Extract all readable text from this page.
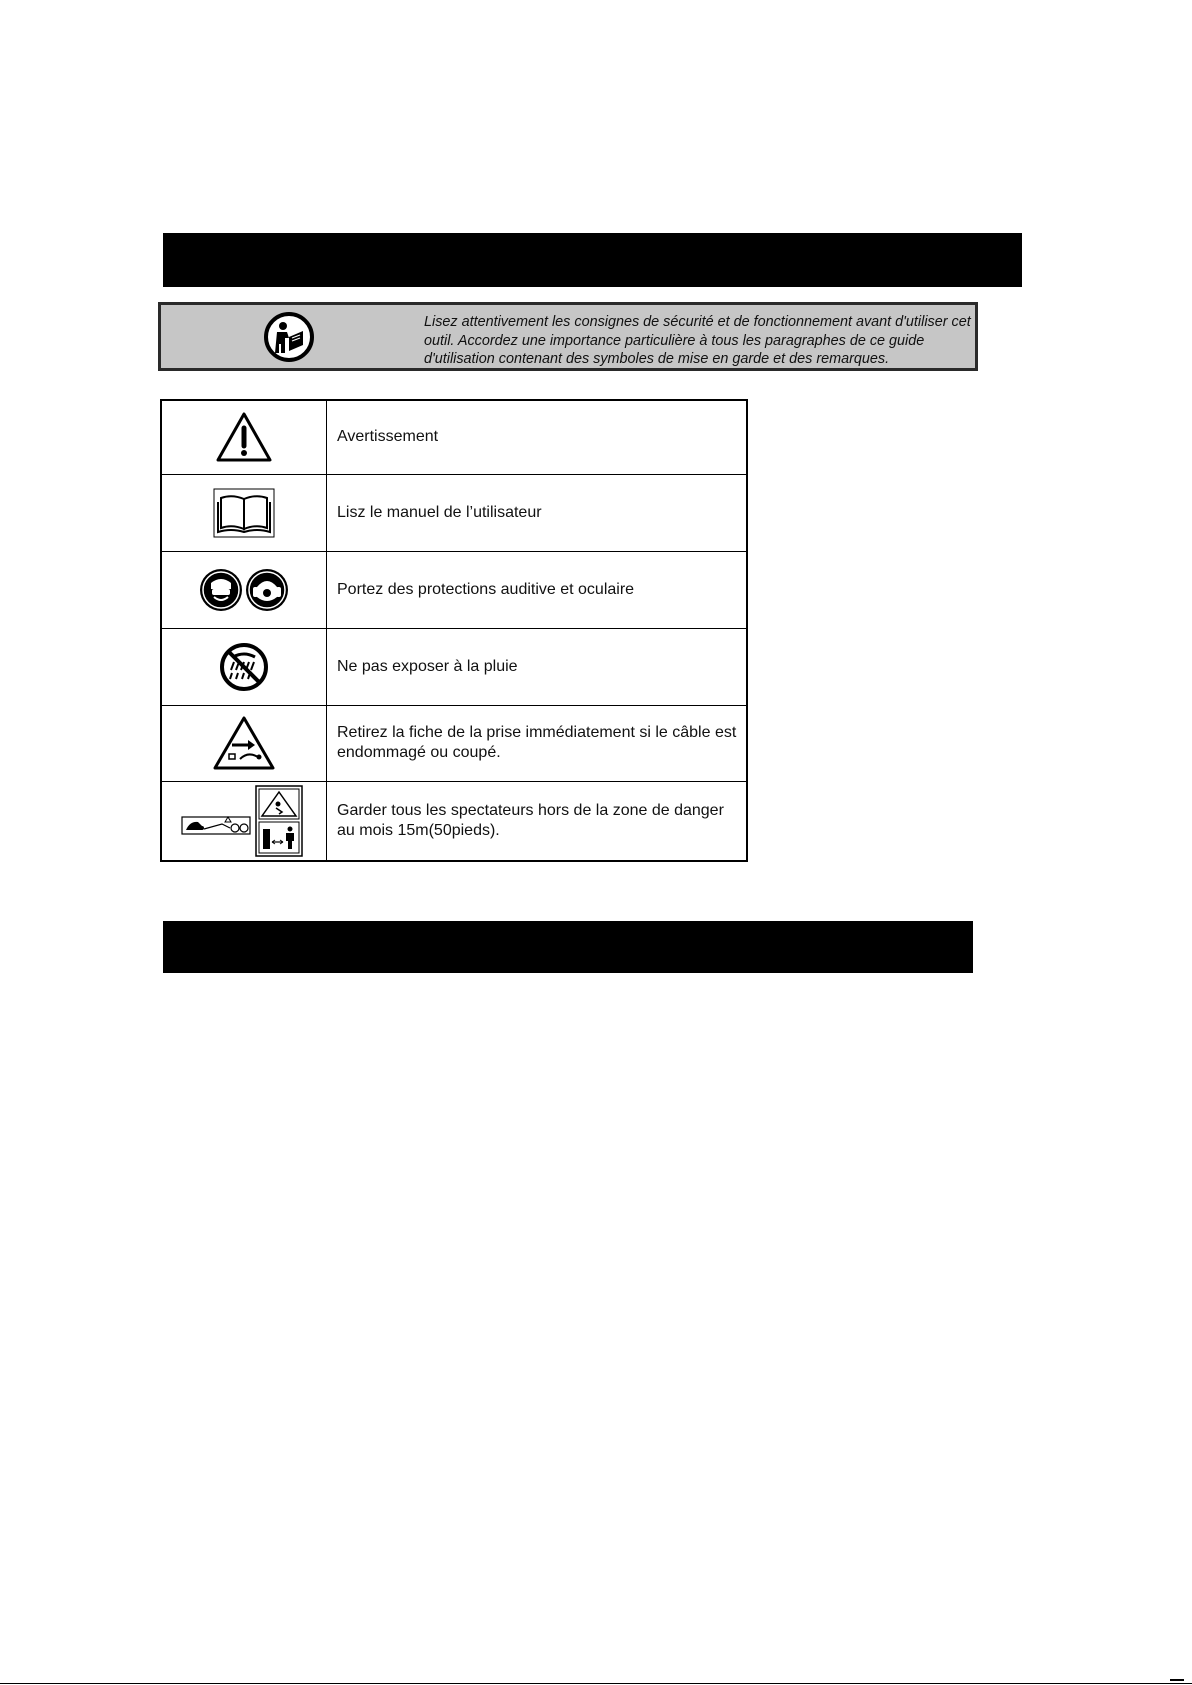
Lisez attentivement les consignes de sécurité et de fonctionnement avant d'utiliser cet outil. Accordez une importance particulière à tous les paragraphes de ce guide d'utilisation contenant des symboles de mise en garde et des remarques.
	Avertissement

	Lisz le manuel de l’utilisateur

	Portez des protections auditive et oculaire

	Ne pas exposer à la pluie

	Retirez la fiche de la prise immédiatement si le câble est endommagé ou coupé.

	Garder tous les spectateurs hors de la zone de danger au mois 15m(50pieds).
